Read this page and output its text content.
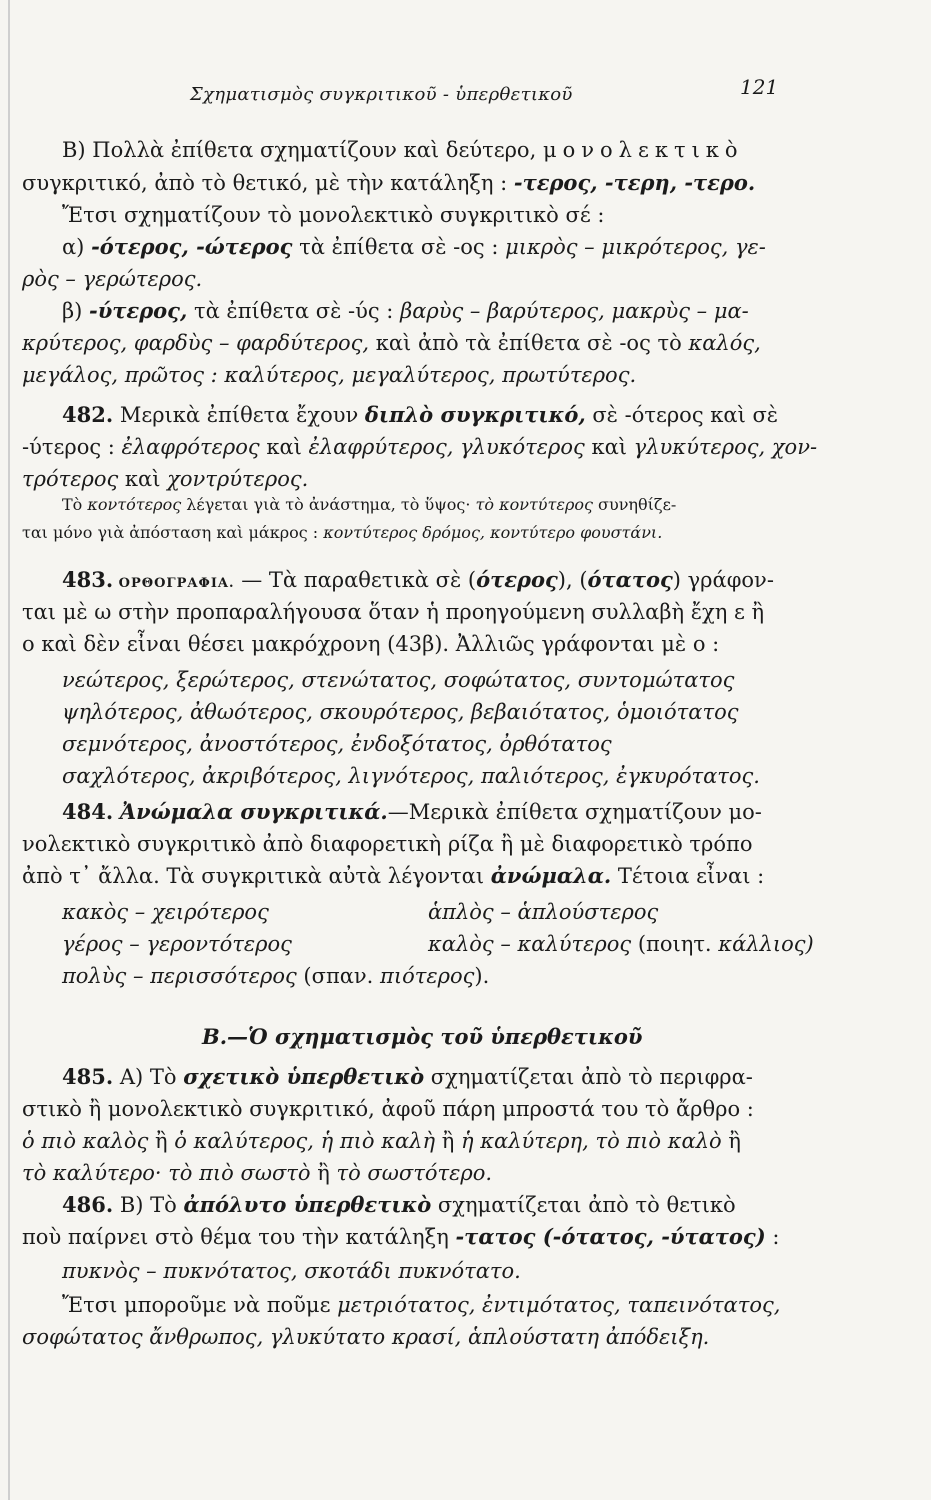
Σχηματισμὸς συγκριτικοῦ - ὑπερθετικοῦ	121
Β) Πολλὰ ἐπίθετα σχηματίζουν καὶ δεύτερο, μονολεκτικὸ
συγκριτικό, ἀπὸ τὸ θετικό, μὲ τὴν κατάληξη : -τερος, -τερη, -τερο.
Ἔτσι σχηματίζουν τὸ μονολεκτικὸ συγκριτικὸ σέ :
α) -ότερος, -ώτερος τὰ ἐπίθετα σὲ -ος : μικρὸς – μικρότερος, γε-
ρὸς – γερώτερος.
β) -ύτερος, τὰ ἐπίθετα σὲ -ύς : βαρὺς – βαρύτερος, μακρὺς – μα-
κρύτερος, φαρδὺς – φαρδύτερος, καὶ ἀπὸ τὰ ἐπίθετα σὲ -ος τὸ καλός,
μεγάλος, πρῶτος : καλύτερος, μεγαλύτερος, πρωτύτερος.
482. Μερικὰ ἐπίθετα ἔχουν διπλὸ συγκριτικό, σὲ -ότερος καὶ σὲ
-ύτερος : ἐλαφρότερος καὶ ἐλαφρύτερος, γλυκότερος καὶ γλυκύτερος, χον-
τρότερος καὶ χοντρύτερος.
Τὸ κοντότερος λέγεται γιὰ τὸ ἀνάστημα, τὸ ὕψος· τὸ κοντύτερος συνηθίζε-
ται μόνο γιὰ ἀπόσταση καὶ μάκρος : κοντύτερος δρόμος, κοντύτερο φουστάνι.
483. ΟΡΘΟΓΡΑΦΙΑ. — Τὰ παραθετικὰ σὲ (ότερος), (ότατος) γράφον-
ται μὲ ω στὴν προπαραλήγουσα ὅταν ἡ προηγούμενη συλλαβὴ ἔχη ε ἢ
ο καὶ δὲν εἶναι θέσει μακρόχρονη (43β). Ἀλλιῶς γράφονται μὲ ο :
νεώτερος, ξερώτερος, στενώτατος, σοφώτατος, συντομώτατος
ψηλότερος, ἀθωότερος, σκουρότερος, βεβαιότατος, ὁμοιότατος
σεμνότερος, ἀνοστότερος, ἐνδοξότατος, ὀρθότατος
σαχλότερος, ἀκριβότερος, λιγνότερος, παλιότερος, ἐγκυρότατος.
484. Ἀνώμαλα συγκριτικά.—Μερικὰ ἐπίθετα σχηματίζουν μο-
νολεκτικὸ συγκριτικὸ ἀπὸ διαφορετικὴ ρίζα ἢ μὲ διαφορετικὸ τρόπο
ἀπὸ τ᾿ ἄλλα. Τὰ συγκριτικὰ αὐτὰ λέγονται ἀνώμαλα. Τέτοια εἶναι :
κακὸς – χειρότερος	ἁπλὸς – ἁπλούστερος
γέρος – γεροντότερος	καλὸς – καλύτερος (ποιητ. κάλλιος)
πολὺς – περισσότερος (σπαν. πιότερος).
Β.—Ὁ σχηματισμὸς τοῦ ὑπερθετικοῦ
485. Α) Τὸ σχετικὸ ὑπερθετικὸ σχηματίζεται ἀπὸ τὸ περιφρα-
στικὸ ἢ μονολεκτικὸ συγκριτικό, ἀφοῦ πάρη μπροστά του τὸ ἄρθρο :
ὁ πιὸ καλὸς ἢ ὁ καλύτερος, ἡ πιὸ καλὴ ἢ ἡ καλύτερη, τὸ πιὸ καλὸ ἢ
τὸ καλύτερο· τὸ πιὸ σωστὸ ἢ τὸ σωστότερο.
486. Β) Τὸ ἀπόλυτο ὑπερθετικὸ σχηματίζεται ἀπὸ τὸ θετικὸ
ποὺ παίρνει στὸ θέμα του τὴν κατάληξη -τατος (-ότατος, -ύτατος) :
πυκνὸς – πυκνότατος, σκοτάδι πυκνότατο.
Ἔτσι μποροῦμε νὰ ποῦμε μετριότατος, ἐντιμότατος, ταπεινότατος,
σοφώτατος ἄνθρωπος, γλυκύτατο κρασί, ἁπλούστατη ἀπόδειξη.
